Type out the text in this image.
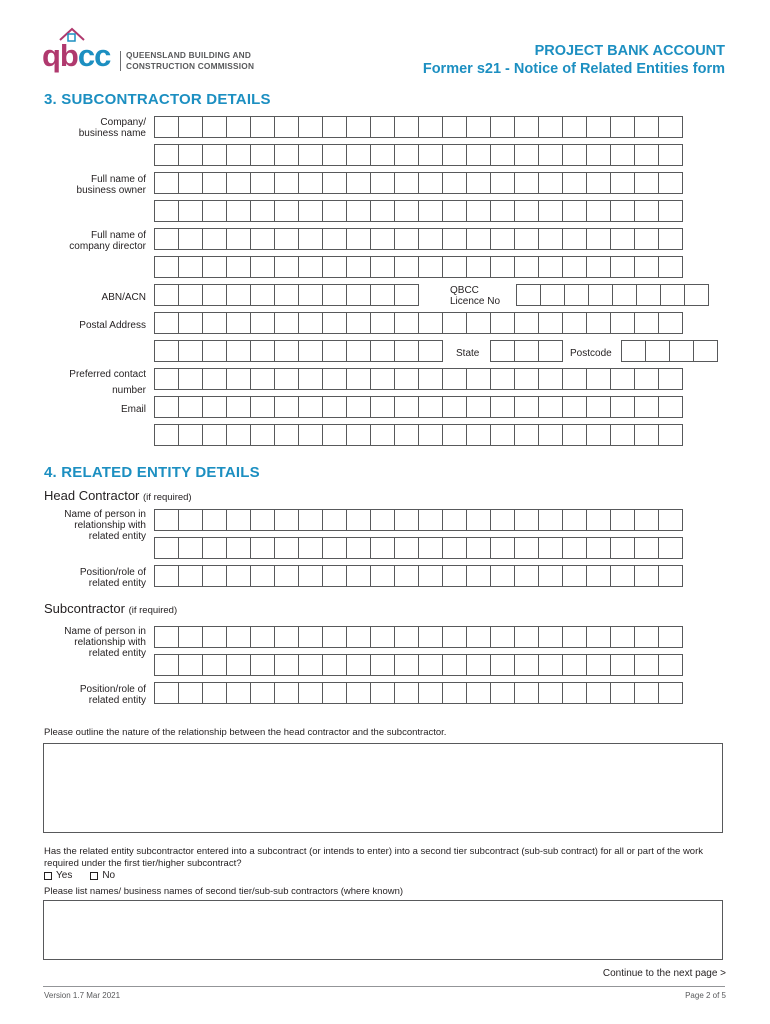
qbcc QUEENSLAND BUILDING AND
CONSTRUCTION COMMISSION
PROJECT BANK ACCOUNT
Former s21 - Notice of Related Entities form
3. SUBCONTRACTOR DETAILS
Company/
business name
Full name of
business owner
Full name of
company director
ABN/ACN
QBCC
Licence No
Postal Address
State	Postcode
Preferred contact
number
Email
4. RELATED ENTITY DETAILS
Head Contractor (if required)
Name of person in
relationship with
related entity
Position/role of
related entity
Subcontractor (if required)
Name of person in
relationship with
related entity
Position/role of
related entity
Please outline the nature of the relationship between the head contractor and the subcontractor.
Has the related entity subcontractor entered into a subcontract (or intends to enter) into a second tier subcontract (sub-sub contract) for all or part of the work required under the first tier/higher subcontract?
Yes	No
Please list names/ business names of second tier/sub-sub contractors (where known)
Continue to the next page >
Version 1.7 Mar 2021	Page 2 of 5
